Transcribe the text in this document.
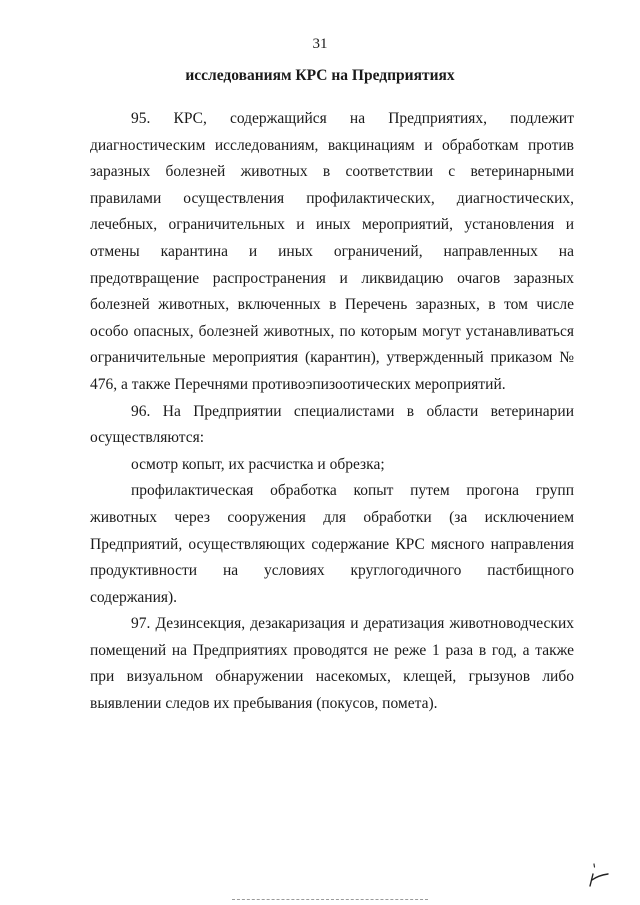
31
исследованиям КРС на Предприятиях

95. КРС, содержащийся на Предприятиях, подлежит диагностическим исследованиям, вакцинациям и обработкам против заразных болезней животных в соответствии с ветеринарными правилами осуществления профилактических, диагностических, лечебных, ограничительных и иных мероприятий, установления и отмены карантина и иных ограничений, направленных на предотвращение распространения и ликвидацию очагов заразных болезней животных, включенных в Перечень заразных, в том числе особо опасных, болезней животных, по которым могут устанавливаться ограничительные мероприятия (карантин), утвержденный приказом № 476, а также Перечнями противоэпизоотических мероприятий.

96. На Предприятии специалистами в области ветеринарии осуществляются:

осмотр копыт, их расчистка и обрезка;

профилактическая обработка копыт путем прогона групп животных через сооружения для обработки (за исключением Предприятий, осуществляющих содержание КРС мясного направления продуктивности на условиях круглогодичного пастбищного содержания).

97. Дезинсекция, дезакаризация и дератизация животноводческих помещений на Предприятиях проводятся не реже 1 раза в год, а также при визуальном обнаружении насекомых, клещей, грызунов либо выявлении следов их пребывания (покусов, помета).
